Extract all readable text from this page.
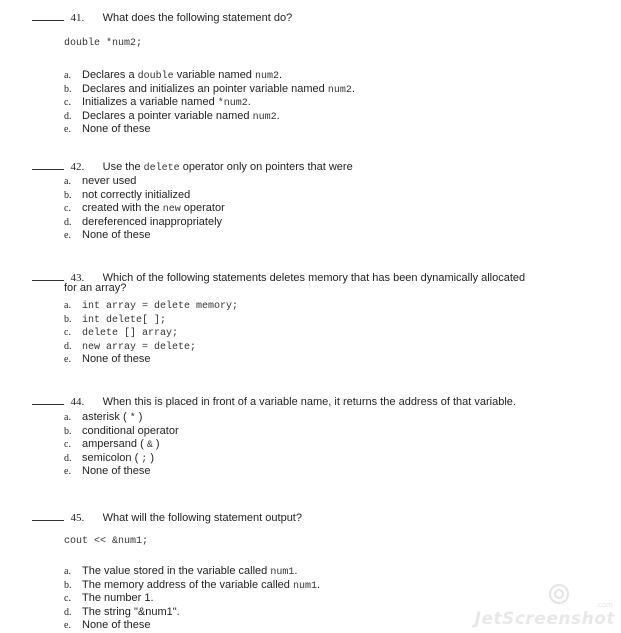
41. What does the following statement do?
double *num2;
a. Declares a double variable named num2.
b. Declares and initializes an pointer variable named num2.
c. Initializes a variable named *num2.
d. Declares a pointer variable named num2.
e. None of these
42. Use the delete operator only on pointers that were
a. never used
b. not correctly initialized
c. created with the new operator
d. dereferenced inappropriately
e. None of these
43. Which of the following statements deletes memory that has been dynamically allocated
for an array?
a. int array = delete memory;
b. int delete[ ];
c. delete [] array;
d. new array = delete;
e. None of these
44. When this is placed in front of a variable name, it returns the address of that variable.
a. asterisk ( * )
b. conditional operator
c. ampersand ( & )
d. semicolon ( ; )
e. None of these
45. What will the following statement output?
cout << &num1;
a. The value stored in the variable called num1.
b. The memory address of the variable called num1.
c. The number 1.
d. The string "&num1".
e. None of these
.com
JetScreenshot
